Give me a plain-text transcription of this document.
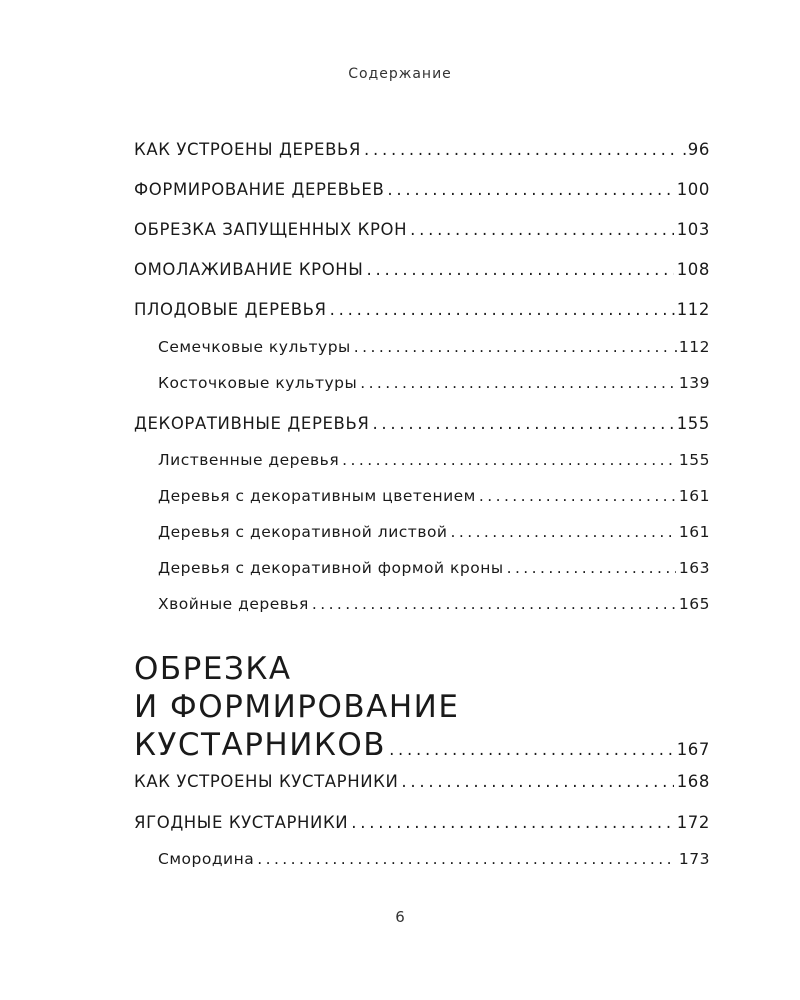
Содержание
КАК УСТРОЕНЫ ДЕРЕВЬЯ . . .	.96
ФОРМИРОВАНИЕ ДЕРЕВЬЕВ . . .	100
ОБРЕЗКА ЗАПУЩЕННЫХ КРОН . . .	103
ОМОЛАЖИВАНИЕ КРОНЫ . . .	108
ПЛОДОВЫЕ ДЕРЕВЬЯ . . .	.112
Семечковые культуры . . .	.112
Косточковые культуры . . .	139
ДЕКОРАТИВНЫЕ ДЕРЕВЬЯ . . .	155
Лиственные деревья . . .	155
Деревья с декоративным цветением . . .	161
Деревья с декоративной листвой . . .	161
Деревья с декоративной формой кроны . . .	163
Хвойные деревья . . .	165
КАК УСТРОЕНЫ КУСТАРНИКИ . . .	168
ЯГОДНЫЕ КУСТАРНИКИ . . .	172
Смородина . . .	173
ОБРЕЗКА
И ФОРМИРОВАНИЕ
КУСТАРНИКОВ . . .	167
6
